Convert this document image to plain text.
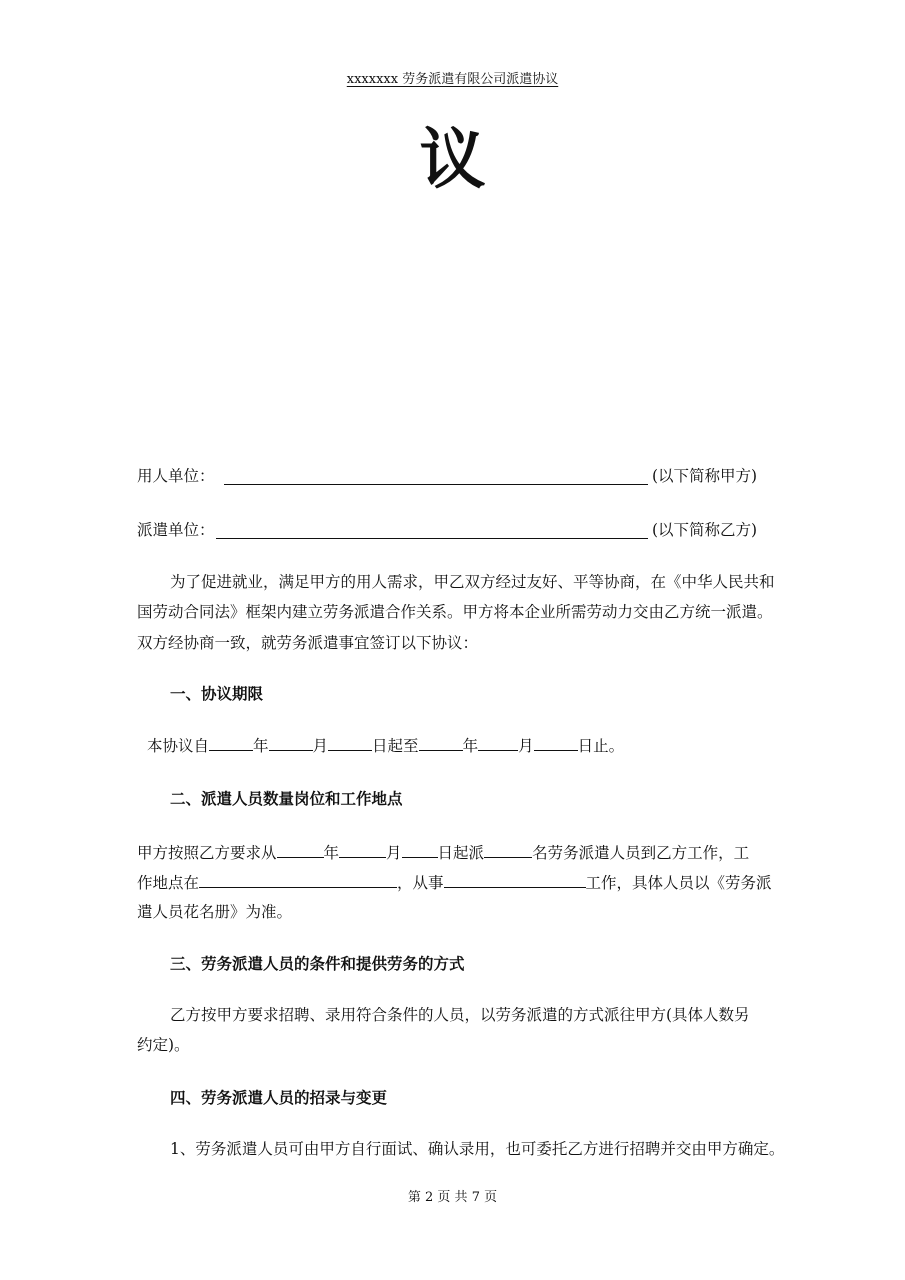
xxxxxxx 劳务派遣有限公司派遣协议
议
用人单位：	(以下简称甲方)
派遣单位：	(以下简称乙方)
为了促进就业，满足甲方的用人需求，甲乙双方经过友好、平等协商，在《中华人民共和
国劳动合同法》框架内建立劳务派遣合作关系。甲方将本企业所需劳动力交由乙方统一派遣。
双方经协商一致，就劳务派遣事宜签订以下协议：
一、协议期限
本协议自	年	月	日起至	年	月	日止。
二、派遣人员数量岗位和工作地点
甲方按照乙方要求从	年	月 日起派	名劳务派遣人员到乙方工作，工
作地点在	，从事	工作，具体人员以《劳务派
遣人员花名册》为准。
三、劳务派遣人员的条件和提供劳务的方式
乙方按甲方要求招聘、录用符合条件的人员，以劳务派遣的方式派往甲方(具体人数另
约定)。
四、劳务派遣人员的招录与变更
1、劳务派遣人员可由甲方自行面试、确认录用，也可委托乙方进行招聘并交由甲方确定。
第 2 页 共 7 页
